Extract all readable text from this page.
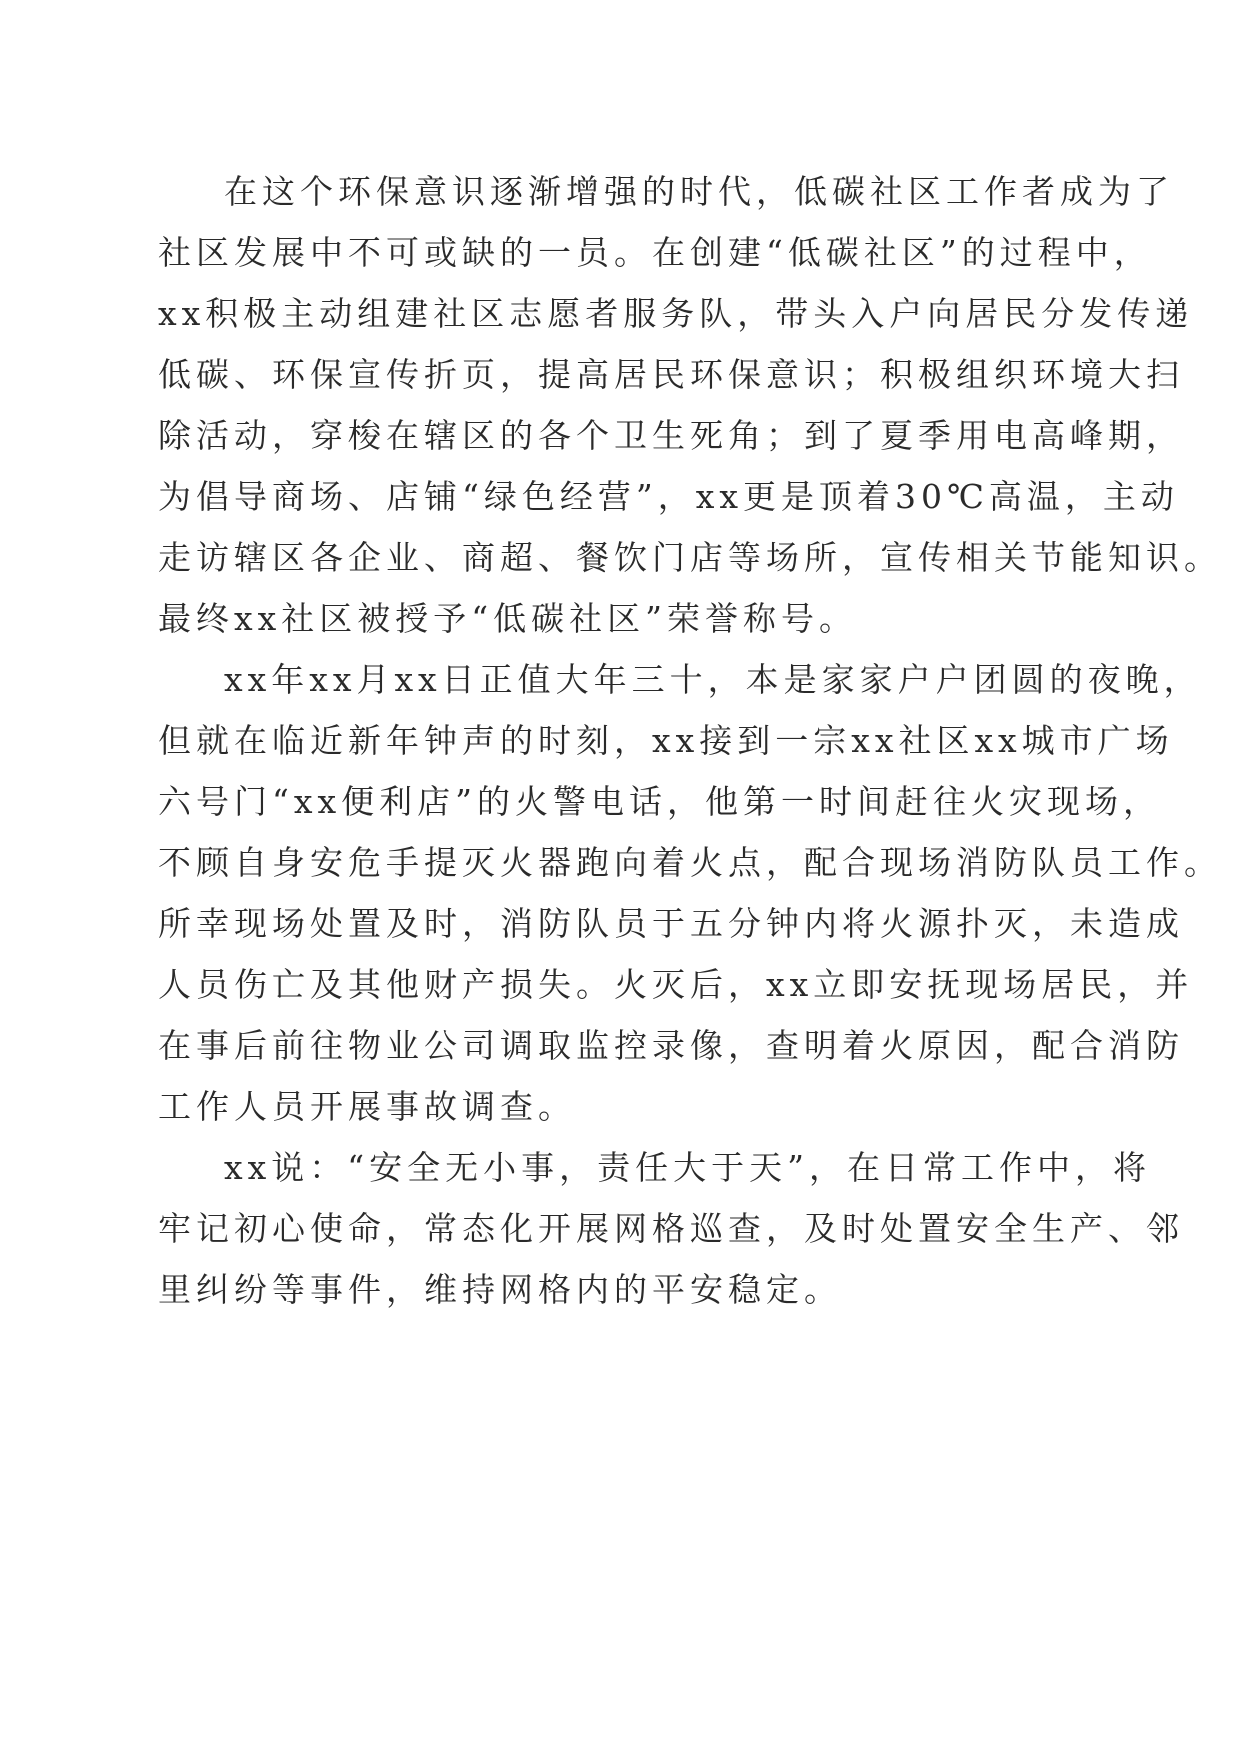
在这个环保意识逐渐增强的时代，低碳社区工作者成为了
社区发展中不可或缺的一员。在创建“低碳社区”的过程中，
xx积极主动组建社区志愿者服务队，带头入户向居民分发传递
低碳、环保宣传折页，提高居民环保意识；积极组织环境大扫
除活动，穿梭在辖区的各个卫生死角；到了夏季用电高峰期，
为倡导商场、店铺“绿色经营”，xx更是顶着30℃高温，主动
走访辖区各企业、商超、餐饮门店等场所，宣传相关节能知识。
最终xx社区被授予“低碳社区”荣誉称号。
xx年xx月xx日正值大年三十，本是家家户户团圆的夜晚，
但就在临近新年钟声的时刻，xx接到一宗xx社区xx城市广场
六号门“xx便利店”的火警电话，他第一时间赶往火灾现场，
不顾自身安危手提灭火器跑向着火点，配合现场消防队员工作。
所幸现场处置及时，消防队员于五分钟内将火源扑灭，未造成
人员伤亡及其他财产损失。火灭后，xx立即安抚现场居民，并
在事后前往物业公司调取监控录像，查明着火原因，配合消防
工作人员开展事故调查。
xx说：“安全无小事，责任大于天”，在日常工作中，将
牢记初心使命，常态化开展网格巡查，及时处置安全生产、邻
里纠纷等事件，维持网格内的平安稳定。
